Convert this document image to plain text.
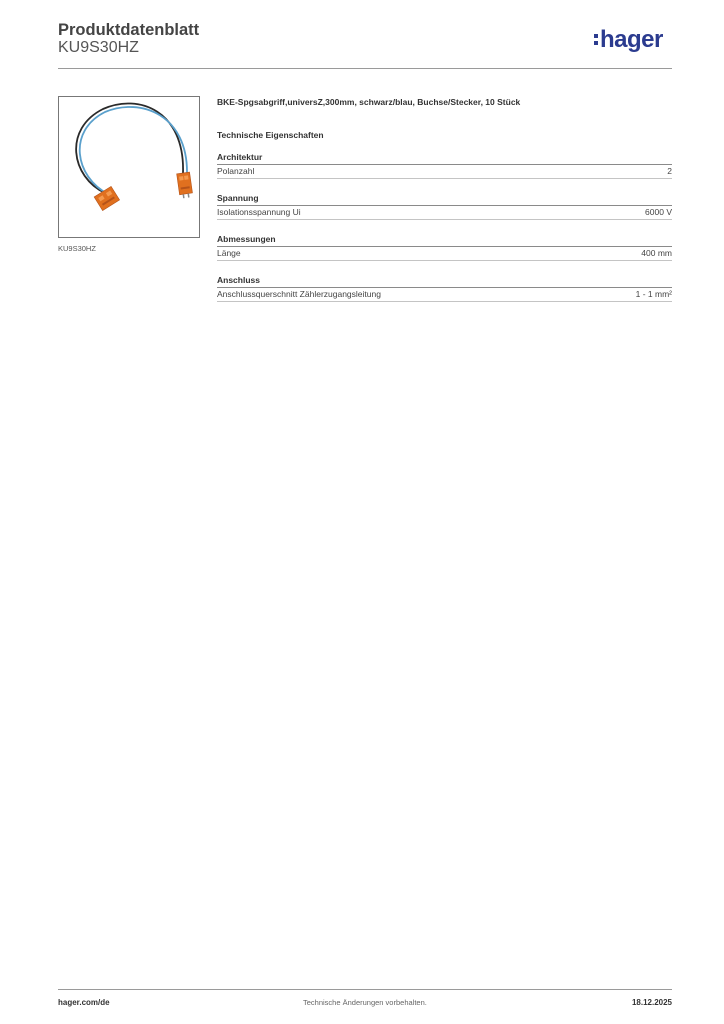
Produktdatenblatt
KU9S30HZ	hager
KU9S30HZ

BKE-Spgsabgriff,universZ,300mm, schwarz/blau, Buchse/Stecker, 10 Stück

Technische Eigenschaften
Architektur
Polanzahl	2
Spannung
Isolationsspannung Ui	6000 V
Abmessungen
Länge	400 mm
Anschluss
Anschlussquerschnitt Zählerzugangsleitung	1 - 1 mm²
hager.com/de	Technische Änderungen vorbehalten.	18.12.2025
